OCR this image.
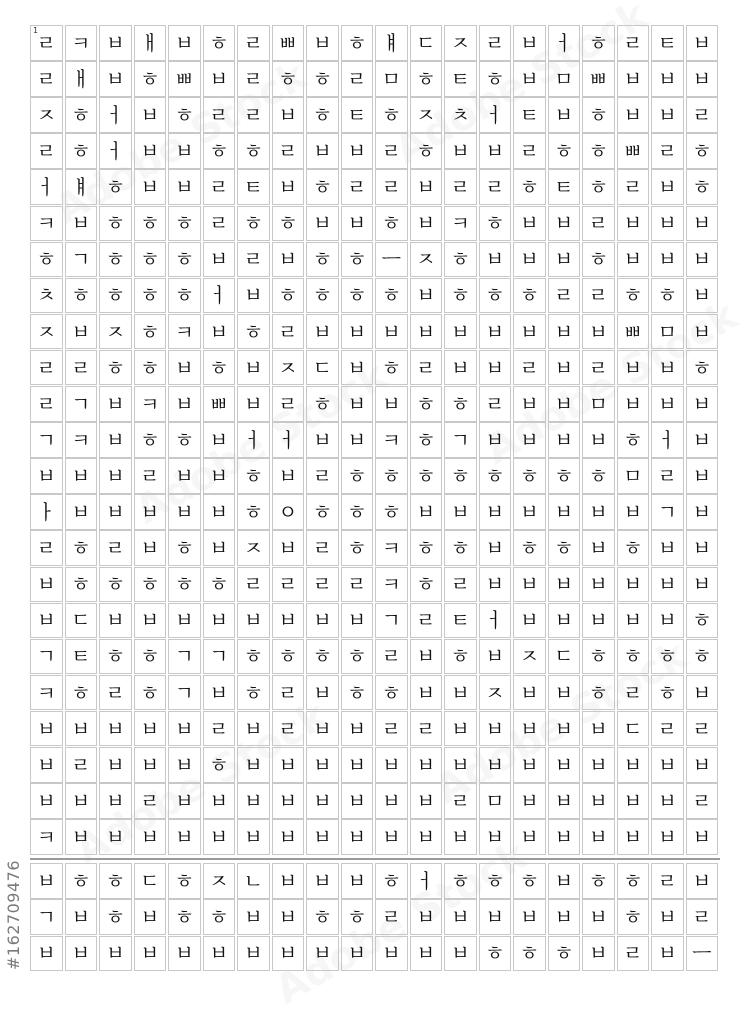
ㄹ ㅋ ㅂ ㅐ ㅂ ㅎ ㄹ ㅃ ㅂ ㅎ ㅒ ㄷ ㅈ ㄹ ㅂ ㅓ ㅎ ㄹ ㅌ ㅂ
ㄹ ㅐ ㅂ ㅎ ㅃ ㅂ ㄹ ㅎ ㅎ ㄹ ㅁ ㅎ ㅌ ㅎ ㅂ ㅁ ㅃ ㅂ ㅂ ㅂ
ㅈ ㅎ ㅓ ㅂ ㅎ ㄹ ㄹ ㅂ ㅎ ㅌ ㅎ ㅈ ㅊ ㅓ ㅌ ㅂ ㅎ ㅂ ㅂ ㄹ
ㄹ ㅎ ㅓ ㅂ ㅂ ㅎ ㅎ ㄹ ㅂ ㅂ ㄹ ㅎ ㅂ ㅂ ㄹ ㅎ ㅎ ㅃ ㄹ ㅎ
ㅓ ㅒ ㅎ ㅂ ㅂ ㄹ ㅌ ㅂ ㅎ ㄹ ㄹ ㅂ ㄹ ㄹ ㅎ ㅌ ㅎ ㄹ ㅂ ㅎ
ㅋ ㅂ ㅎ ㅎ ㅎ ㄹ ㅎ ㅎ ㅂ ㅂ ㅎ ㅂ ㅋ ㅎ ㅂ ㅂ ㄹ ㅂ ㅂ ㅂ
ㅎ ㄱ ㅎ ㅎ ㅎ ㅂ ㄹ ㅂ ㅎ ㅎ ㅡ ㅈ ㅎ ㅂ ㅂ ㅂ ㅎ ㅂ ㅂ ㅂ
ㅊ ㅎ ㅎ ㅎ ㅎ ㅓ ㅂ ㅎ ㅎ ㅎ ㅎ ㅂ ㅎ ㅎ ㅎ ㄹ ㄹ ㅎ ㅎ ㅂ
ㅈ ㅂ ㅈ ㅎ ㅋ ㅂ ㅎ ㄹ ㅂ ㅂ ㅂ ㅂ ㅂ ㅂ ㅂ ㅂ ㅂ ㅃ ㅁ ㅂ
ㄹ ㄹ ㅎ ㅎ ㅂ ㅎ ㅂ ㅈ ㄷ ㅂ ㅎ ㄹ ㅂ ㅂ ㄹ ㅂ ㄹ ㅂ ㅂ ㅎ
ㄹ ㄱ ㅂ ㅋ ㅂ ㅃ ㅂ ㄹ ㅎ ㅂ ㅂ ㅎ ㅎ ㄹ ㅂ ㅂ ㅁ ㅂ ㅂ ㅂ
ㄱ ㅋ ㅂ ㅎ ㅎ ㅂ ㅓ ㅓ ㅂ ㅂ ㅋ ㅎ ㄱ ㅂ ㅂ ㅂ ㅂ ㅎ ㅓ ㅂ
ㅂ ㅂ ㅂ ㄹ ㅂ ㅂ ㅎ ㅂ ㄹ ㅎ ㅎ ㅎ ㅎ ㅎ ㅎ ㅎ ㅎ ㅁ ㄹ ㅂ
ㅏ ㅂ ㅂ ㅂ ㅂ ㅂ ㅎ ㅇ ㅎ ㅎ ㅎ ㅂ ㅂ ㅂ ㅂ ㅂ ㅂ ㅂ ㄱ ㅂ
ㄹ ㅎ ㄹ ㅂ ㅎ ㅂ ㅈ ㅂ ㄹ ㅎ ㅋ ㅎ ㅎ ㅂ ㅎ ㅎ ㅂ ㅎ ㅂ ㅂ
ㅂ ㅎ ㅎ ㅎ ㅎ ㅎ ㄹ ㄹ ㄹ ㄹ ㅋ ㅎ ㄹ ㅂ ㅂ ㅂ ㅂ ㅂ ㅂ ㅂ
ㅂ ㄷ ㅂ ㅂ ㅂ ㅂ ㅂ ㅂ ㅂ ㅂ ㄱ ㄹ ㅌ ㅓ ㅂ ㅂ ㅂ ㅂ ㅂ ㅎ
ㄱ ㅌ ㅎ ㅎ ㄱ ㄱ ㅎ ㅎ ㅎ ㅎ ㄹ ㅂ ㅎ ㅂ ㅈ ㄷ ㅎ ㅎ ㅎ ㅎ
ㅋ ㅎ ㄹ ㅎ ㄱ ㅂ ㅎ ㄹ ㅂ ㅎ ㅎ ㅂ ㅂ ㅈ ㅂ ㅂ ㅎ ㄹ ㅎ ㅂ
ㅂ ㅂ ㅂ ㅂ ㅂ ㄹ ㅂ ㄹ ㅂ ㅂ ㄹ ㄹ ㅂ ㅂ ㅂ ㅂ ㅂ ㄷ ㄹ ㄹ
ㅂ ㄹ ㅂ ㅂ ㅂ ㅎ ㅂ ㅂ ㅂ ㅂ ㅂ ㅂ ㅂ ㅂ ㅂ ㅂ ㅂ ㅂ ㅂ ㅂ
ㅂ ㅂ ㅂ ㄹ ㅂ ㅂ ㅂ ㅂ ㅂ ㅂ ㅂ ㅂ ㄹ ㅁ ㅂ ㅂ ㅂ ㅂ ㅂ ㄹ
ㅋ ㅂ ㅂ ㅂ ㅂ ㅂ ㅂ ㅂ ㅂ ㅂ ㅂ ㅂ ㅂ ㅂ ㅂ ㅂ ㅂ ㅂ ㅂ ㅂ
ㅂ ㅎ ㅎ ㄷ ㅎ ㅈ ㄴ ㅂ ㅂ ㅂ ㅎ ㅓ ㅎ ㅎ ㅎ ㅂ ㅎ ㅎ ㄹ ㅂ
ㄱ ㅂ ㅎ ㅂ ㅎ ㅎ ㅂ ㅂ ㅎ ㅎ ㄹ ㅂ ㅂ ㅂ ㅂ ㅂ ㅂ ㅎ ㅂ ㄹ
ㅂ ㅂ ㅂ ㅂ ㅂ ㅂ ㅂ ㅂ ㅂ ㅂ ㅂ ㅂ ㅂ ㅎ ㅎ ㅎ ㅂ ㄹ ㅂ ㅡ
1
#162709476
